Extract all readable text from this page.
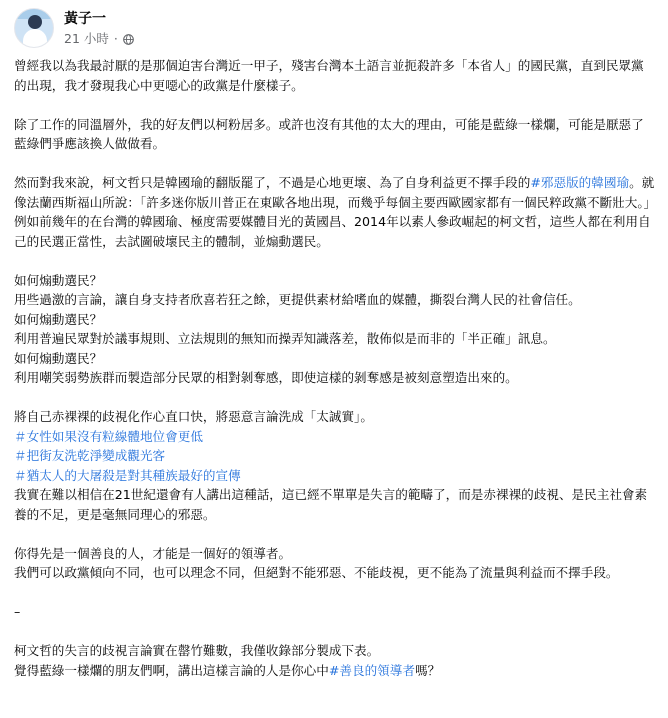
黃子一
21 小時 ·

曾經我以為我最討厭的是那個迫害台灣近一甲子，殘害台灣本土語言並扼殺許多「本省人」的國民黨，直到民眾黨的出現，我才發現我心中更噁心的政黨是什麼樣子。

除了工作的同溫層外，我的好友們以柯粉居多。或許也沒有其他的太大的理由，可能是藍綠一樣爛，可能是厭惡了藍綠們爭應該換人做做看。

然而對我來說，柯文哲只是韓國瑜的翻版罷了，不過是心地更壞、為了自身利益更不擇手段的#邪惡版的韓國瑜。就像法蘭西斯福山所說：「許多迷你版川普正在東歐各地出現，而幾乎每個主要西歐國家都有一個民粹政黨不斷壯大。」例如前幾年的在台灣的韓國瑜、極度需要媒體目光的黃國昌、2014年以素人參政崛起的柯文哲，這些人都在利用自己的民選正當性，去試圖破壞民主的體制，並煽動選民。

如何煽動選民？

用些過激的言論，讓自身支持者欣喜若狂之餘，更提供素材給嗜血的媒體，撕裂台灣人民的社會信任。

如何煽動選民？

利用普遍民眾對於議事規則、立法規則的無知而操弄知識落差，散佈似是而非的「半正確」訊息。

如何煽動選民？

利用嘲笑弱勢族群而製造部分民眾的相對剝奪感，即使這樣的剝奪感是被刻意塑造出來的。

將自己赤裸裸的歧視化作心直口快，將惡意言論洗成「太誠實」。

＃女性如果沒有粒線體地位會更低

＃把街友洗乾淨變成觀光客

＃猶太人的大屠殺是對其種族最好的宣傳

我實在難以相信在21世紀還會有人講出這種話，這已經不單單是失言的範疇了，而是赤裸裸的歧視、是民主社會素養的不足，更是毫無同理心的邪惡。

你得先是一個善良的人，才能是一個好的領導者。

我們可以政黨傾向不同，也可以理念不同，但絕對不能邪惡、不能歧視，更不能為了流量與利益而不擇手段。

–

柯文哲的失言的歧視言論實在罄竹難數，我僅收錄部分製成下表。

覺得藍綠一樣爛的朋友們啊，講出這樣言論的人是你心中#善良的領導者嗎？
